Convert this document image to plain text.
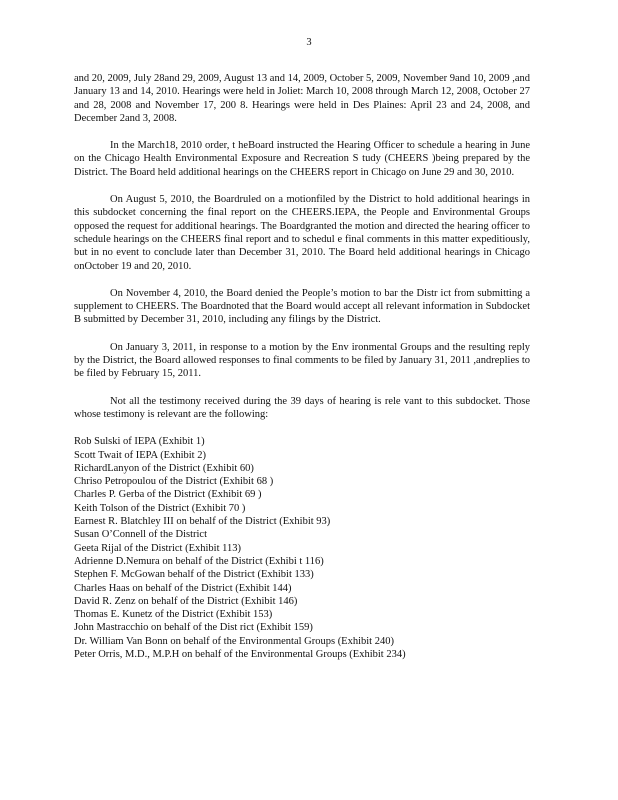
3

and 20, 2009, July 28and 29, 2009, August 13 and 14, 2009, October 5, 2009, November 9and 10, 2009 ,and January 13 and 14, 2010. Hearings were held in Joliet: March 10, 2008 through March 12, 2008, October 27 and 28, 2008 and November 17, 200 8. Hearings were held in Des Plaines: April 23 and 24, 2008, and December 2and 3, 2008.

In the March18, 2010 order, t heBoard instructed the Hearing Officer to schedule a hearing in June on the Chicago Health Environmental Exposure and Recreation S tudy (CHEERS )being prepared by the District. The Board held additional hearings on the CHEERS report in Chicago on June 29 and 30, 2010.

On August 5, 2010, the Boardruled on a motionfiled by the District to hold additional hearings in this subdocket concerning the final report on the CHEERS.IEPA, the People and Environmental Groups opposed the request for additional hearings. The Boardgranted the motion and directed the hearing officer to schedule hearings on the CHEERS final report and to schedul e final comments in this matter expeditiously, but in no event to conclude later than December 31, 2010. The Board held additional hearings in Chicago onOctober 19 and 20, 2010.

On November 4, 2010, the Board denied the People’s motion to bar the Distr ict from submitting a supplement to CHEERS. The Boardnoted that the Board would accept all relevant information in Subdocket B submitted by December 31, 2010, including any filings by the District.

On January 3, 2011, in response to a motion by the Env ironmental Groups and the resulting reply by the District, the Board allowed responses to final comments to be filed by January 31, 2011 ,andreplies to be filed by February 15, 2011.

Not all the testimony received during the 39 days of hearing is rele vant to this subdocket. Those whose testimony is relevant are the following:

Rob Sulski of IEPA (Exhibit 1)
Scott Twait of IEPA (Exhibit 2)
RichardLanyon of the District (Exhibit 60)
Chriso Petropoulou of the District (Exhibit 68 )
Charles P. Gerba of the District (Exhibit 69 )
Keith Tolson of the District (Exhibit 70 )
Earnest R. Blatchley III on behalf of the District (Exhibit 93)
Susan O’Connell of the District
Geeta Rijal of the District (Exhibit 113)
Adrienne D.Nemura on behalf of the District (Exhibi t 116)
Stephen F. McGowan behalf of the District (Exhibit 133)
Charles Haas on behalf of the District (Exhibit 144)
David R. Zenz on behalf of the District (Exhibit 146)
Thomas E. Kunetz of the District (Exhibit 153)
John Mastracchio on behalf of the Dist rict (Exhibit 159)
Dr. William Van Bonn on behalf of the Environmental Groups (Exhibit 240)
Peter Orris, M.D., M.P.H on behalf of the Environmental Groups (Exhibit 234)
